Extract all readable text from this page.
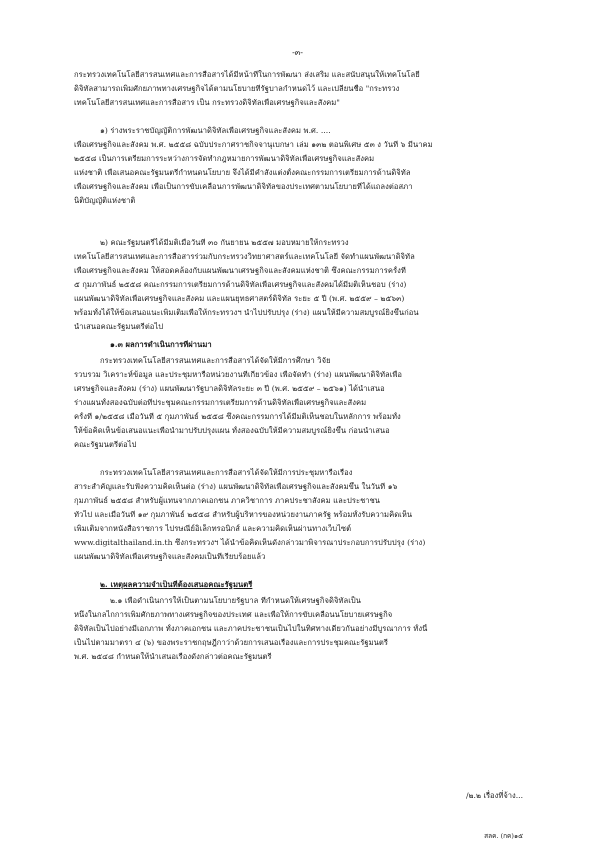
-๓-
กระทรวงเทคโนโลยีสารสนเทศและการสื่อสารได้มีหน้าที่ในการพัฒนา ส่งเสริม และสนับสนุนให้เทคโนโลยี
ดิจิทัลสามารถเพิ่มศักยภาพทางเศรษฐกิจได้ตามนโยบายที่รัฐบาลกำหนดไว้ และเปลี่ยนชื่อ "กระทรวง
เทคโนโลยีสารสนเทศและการสื่อสาร เป็น กระทรวงดิจิทัลเพื่อเศรษฐกิจและสังคม"
๑) ร่างพระราชบัญญัติการพัฒนาดิจิทัลเพื่อเศรษฐกิจและสังคม พ.ศ. ....
เพื่อเศรษฐกิจและสังคม พ.ศ. ๒๕๕๘ ฉบับประกาศราชกิจจานุเบกษา เล่ม ๑๓๒ ตอนพิเศษ ๕๓ ง วันที่ ๖ มีนาคม
๒๕๕๘ เป็นการเตรียมการระหว่างการจัดทำกฎหมายการพัฒนาดิจิทัลเพื่อเศรษฐกิจและสังคม
แห่งชาติ เพื่อเสนอคณะรัฐมนตรีกำหนดนโยบาย จึงได้มีคำสั่งแต่งตั้งคณะกรรมการเตรียมการด้านดิจิทัล
เพื่อเศรษฐกิจและสังคม เพื่อเป็นการขับเคลื่อนการพัฒนาดิจิทัลของประเทศตามนโยบายที่ได้แถลงต่อสภา
นิติบัญญัติแห่งชาติ
๒) คณะรัฐมนตรีได้มีมติเมื่อวันที่ ๓๐ กันยายน ๒๕๕๗ มอบหมายให้กระทรวง
เทคโนโลยีสารสนเทศและการสื่อสารร่วมกับกระทรวงวิทยาศาสตร์และเทคโนโลยี จัดทำแผนพัฒนาดิจิทัล
เพื่อเศรษฐกิจและสังคม ให้สอดคล้องกับแผนพัฒนาเศรษฐกิจและสังคมแห่งชาติ ซึ่งคณะกรรมการครั้งที่
๕ กุมภาพันธ์ ๒๕๕๘ คณะกรรมการเตรียมการด้านดิจิทัลเพื่อเศรษฐกิจและสังคมได้มีมติเห็นชอบ (ร่าง)
แผนพัฒนาดิจิทัลเพื่อเศรษฐกิจและสังคม และแผนยุทธศาสตร์ดิจิทัล ระยะ ๕ ปี (พ.ศ. ๒๕๕๙ – ๒๕๖๓)
พร้อมทั้งได้ให้ข้อเสนอแนะเพิ่มเติมเพื่อให้กระทรวงฯ นำไปปรับปรุง (ร่าง) แผนให้มีความสมบูรณ์ยิ่งขึ้นก่อน
นำเสนอคณะรัฐมนตรีต่อไป
๑.๓ ผลการดำเนินการที่ผ่านมา
กระทรวงเทคโนโลยีสารสนเทศและการสื่อสารได้จัดให้มีการศึกษา วิจัย
รวบรวม วิเคราะห์ข้อมูล และประชุมหารือหน่วยงานที่เกี่ยวข้อง เพื่อจัดทำ (ร่าง) แผนพัฒนาดิจิทัลเพื่อ
เศรษฐกิจและสังคม (ร่าง) แผนพัฒนารัฐบาลดิจิทัลระยะ ๓ ปี (พ.ศ. ๒๕๕๙ – ๒๕๖๑) ได้นำเสนอ
ร่างแผนทั้งสองฉบับต่อที่ประชุมคณะกรรมการเตรียมการด้านดิจิทัลเพื่อเศรษฐกิจและสังคม
ครั้งที่ ๑/๒๕๕๘ เมื่อวันที่ ๕ กุมภาพันธ์ ๒๕๕๘ ซึ่งคณะกรรมการได้มีมติเห็นชอบในหลักการ พร้อมทั้ง
ให้ข้อคิดเห็นข้อเสนอแนะเพื่อนำมาปรับปรุงแผน ทั้งสองฉบับให้มีความสมบูรณ์ยิ่งขึ้น ก่อนนำเสนอ
คณะรัฐมนตรีต่อไป
กระทรวงเทคโนโลยีสารสนเทศและการสื่อสารได้จัดให้มีการประชุมหารือเรื่อง
สาระสำคัญและรับฟังความคิดเห็นต่อ (ร่าง) แผนพัฒนาดิจิทัลเพื่อเศรษฐกิจและสังคมขึ้น ในวันที่ ๑๖
กุมภาพันธ์ ๒๕๕๘ สำหรับผู้แทนจากภาคเอกชน ภาควิชาการ ภาคประชาสังคม และประชาชน
ทั่วไป และเมื่อวันที่ ๑๙ กุมภาพันธ์ ๒๕๕๘ สำหรับผู้บริหารของหน่วยงานภาครัฐ พร้อมทั้งรับความคิดเห็น
เพิ่มเติมจากหนังสือราชการ ไปรษณีย์อิเล็กทรอนิกส์ และความคิดเห็นผ่านทางเว็บไซต์
www.digitalthailand.in.th ซึ่งกระทรวงฯ ได้นำข้อคิดเห็นดังกล่าวมาพิจารณาประกอบการปรับปรุง (ร่าง)
แผนพัฒนาดิจิทัลเพื่อเศรษฐกิจและสังคมเป็นที่เรียบร้อยแล้ว
๒. เหตุผลความจำเป็นที่ต้องเสนอคณะรัฐมนตรี
๒.๑ เพื่อดำเนินการให้เป็นตามนโยบายรัฐบาล ที่กำหนดให้เศรษฐกิจดิจิทัลเป็น
หนึ่งในกลไกการเพิ่มศักยภาพทางเศรษฐกิจของประเทศ และเพื่อให้การขับเคลื่อนนโยบายเศรษฐกิจ
ดิจิทัลเป็นไปอย่างมีเอกภาพ ทั้งภาคเอกชน และภาคประชาชนเป็นไปในทิศทางเดียวกันอย่างมีบูรณาการ ทั้งนี้
เป็นไปตามมาตรา ๔ (๖) ของพระราชกฤษฎีกาว่าด้วยการเสนอเรื่องและการประชุมคณะรัฐมนตรี
พ.ศ. ๒๕๔๘ กำหนดให้นำเสนอเรื่องดังกล่าวต่อคณะรัฐมนตรี
/๒.๒ เรื่องที่จ้าง...
สลค. (กค)๑๕
